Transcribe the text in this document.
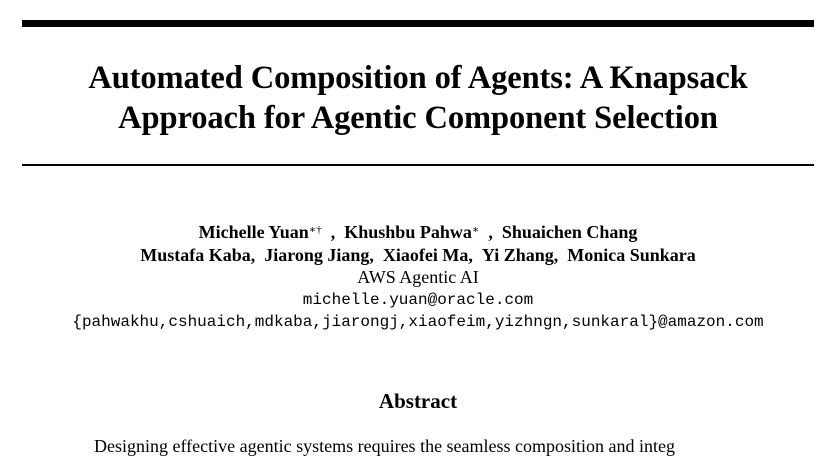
Automated Composition of Agents: A Knapsack
Approach for Agentic Component Selection
Michelle Yuan∗†  ,  Khushbu Pahwa∗  ,  Shuaichen Chang
Mustafa Kaba,  Jiarong Jiang,  Xiaofei Ma,  Yi Zhang,  Monica Sunkara
AWS Agentic AI
michelle.yuan@oracle.com
{pahwakhu,cshuaich,mdkaba,jiarongj,xiaofeim,yizhngn,sunkaral}@amazon.com
Abstract
Designing effective agentic systems requires the seamless composition and integ
